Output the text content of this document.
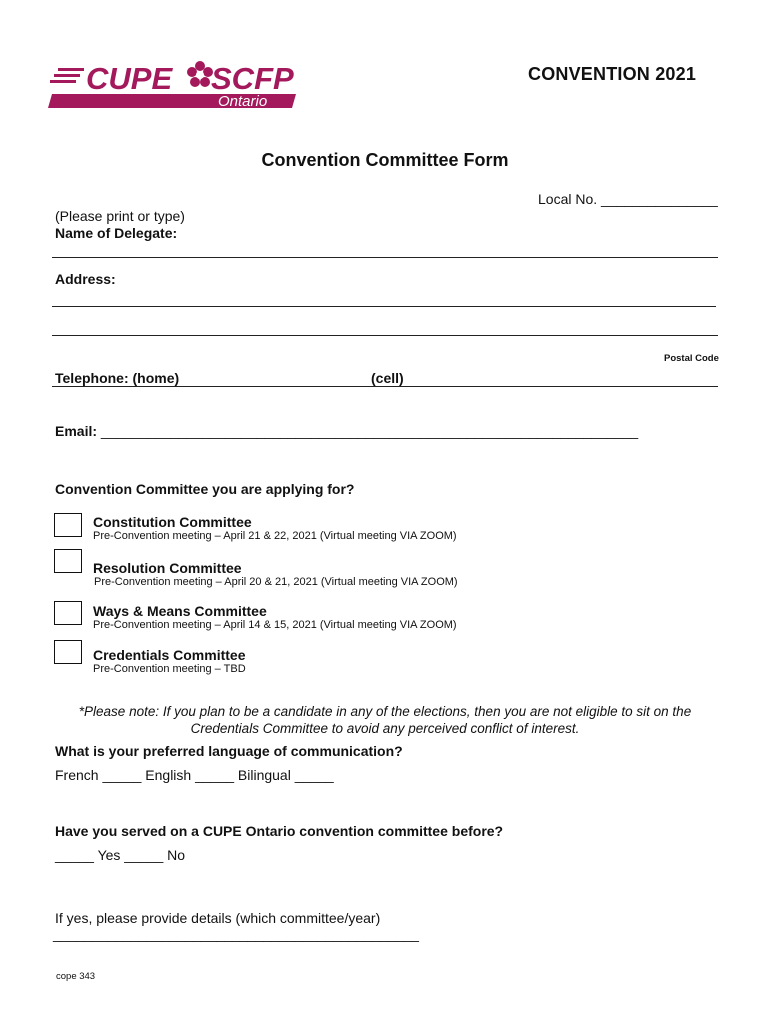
CUPE SCFP
Ontario
CONVENTION 2021
Convention Committee Form
Local No. _______________
(Please print or type)
Name of Delegate:
Address:
Postal Code
Telephone: (home)	(cell)
Email: _____________________________________________________________________
Convention Committee you are applying for?
Constitution Committee
Pre-Convention meeting – April 21 & 22, 2021 (Virtual meeting VIA ZOOM)
Resolution Committee
Pre-Convention meeting – April 20 & 21, 2021 (Virtual meeting VIA ZOOM)
Ways & Means Committee
Pre-Convention meeting – April 14 & 15, 2021 (Virtual meeting VIA ZOOM)
Credentials Committee
Pre-Convention meeting – TBD
*Please note: If you plan to be a candidate in any of the elections, then you are not eligible to sit on the
Credentials Committee to avoid any perceived conflict of interest.
What is your preferred language of communication?
French _____ English _____ Bilingual _____
Have you served on a CUPE Ontario convention committee before?
_____ Yes _____ No
If yes, please provide details (which committee/year)
_______________________________________________
cope 343
